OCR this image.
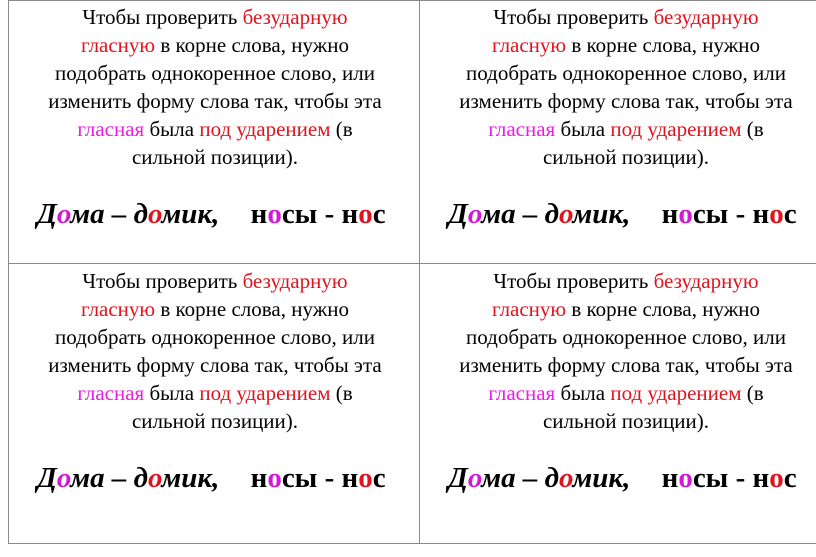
Чтобы проверить безударную
гласную в корне слова, нужно
подобрать однокоренное слово, или
изменить форму слова так, чтобы эта
гласная была под ударением (в
сильной позиции).
Дома – домик, носы - нос
Чтобы проверить безударную
гласную в корне слова, нужно
подобрать однокоренное слово, или
изменить форму слова так, чтобы эта
гласная была под ударением (в
сильной позиции).
Дома – домик, носы - нос
Чтобы проверить безударную
гласную в корне слова, нужно
подобрать однокоренное слово, или
изменить форму слова так, чтобы эта
гласная была под ударением (в
сильной позиции).
Дома – домик, носы - нос
Чтобы проверить безударную
гласную в корне слова, нужно
подобрать однокоренное слово, или
изменить форму слова так, чтобы эта
гласная была под ударением (в
сильной позиции).
Дома – домик, носы - нос
